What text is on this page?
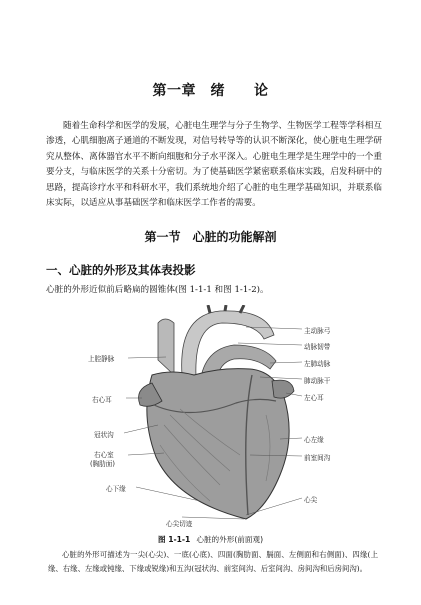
第一章　绪　　论

随着生命科学和医学的发展，心脏电生理学与分子生物学、生物医学工程等学科相互渗透，心肌细胞离子通道的不断发现，对信号转导等的认识不断深化，使心脏电生理学研究从整体、离体器官水平不断向细胞和分子水平深入。心脏电生理学是生理学中的一个重要分支，与临床医学的关系十分密切。为了使基础医学紧密联系临床实践，启发科研中的思路，提高诊疗水平和科研水平，我们系统地介绍了心脏的电生理学基础知识，并联系临床实际，以适应从事基础医学和临床医学工作者的需要。

第一节　心脏的功能解剖
一、心脏的外形及其体表投影
心脏的外形近似前后略扁的圆锥体(图 1-1-1 和图 1-1-2)。
主动脉弓
动脉韧带
左肺动脉
肺动脉干
左心耳
上腔静脉
右心耳
冠状沟
右心室
(胸肋面)
心左缘
前室间沟
心下缘
心尖
心尖切迹
图 1-1-1 心脏的外形(前面观)

心脏的外形可描述为一尖(心尖)、一底(心底)、四面(胸肋面、膈面、左侧面和右侧面)、四缘(上缘、右缘、左缘或钝缘、下缘或锐缘)和五沟(冠状沟、前室间沟、后室间沟、房间沟和后房间沟)。
